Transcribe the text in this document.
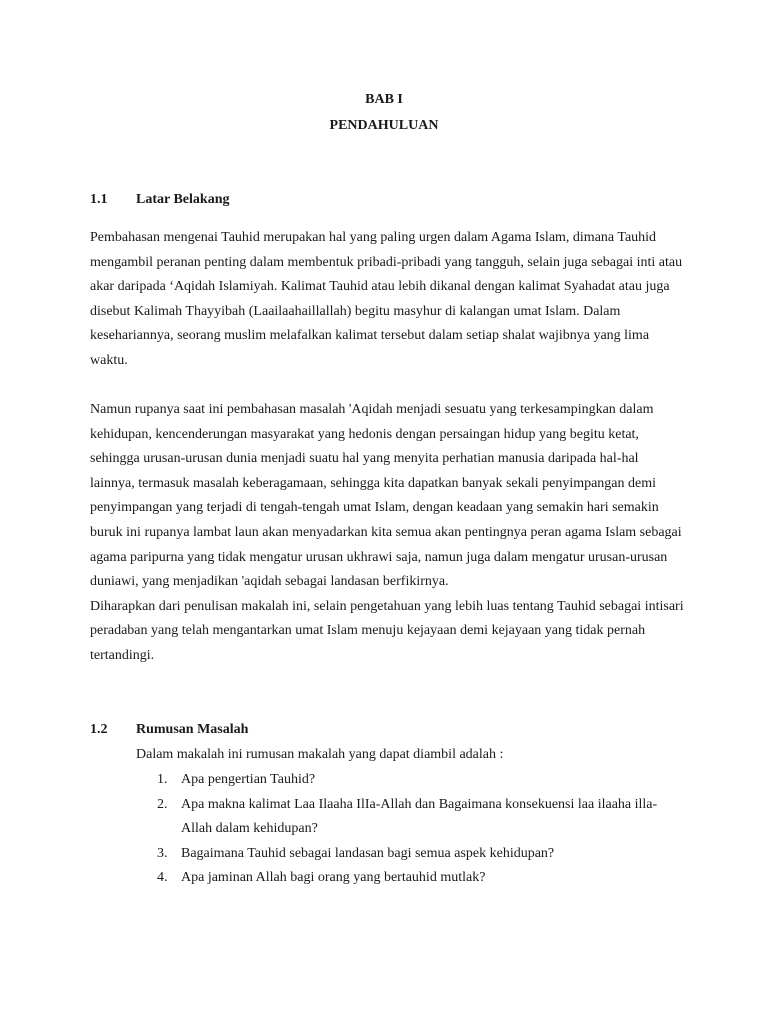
BAB I
PENDAHULUAN
1.1 Latar Belakang

Pembahasan mengenai Tauhid merupakan hal yang paling urgen dalam Agama Islam, dimana Tauhid
mengambil peranan penting dalam membentuk pribadi-pribadi yang tangguh, selain juga sebagai inti atau
akar daripada ‘Aqidah Islamiyah. Kalimat Tauhid atau lebih dikanal dengan kalimat Syahadat atau juga
disebut Kalimah Thayyibah (Laailaahaillallah) begitu masyhur di kalangan umat Islam. Dalam
kesehariannya, seorang muslim melafalkan kalimat tersebut dalam setiap shalat wajibnya yang lima
waktu.

Namun rupanya saat ini pembahasan masalah 'Aqidah menjadi sesuatu yang terkesampingkan dalam
kehidupan, kencenderungan masyarakat yang hedonis dengan persaingan hidup yang begitu ketat,
sehingga urusan-urusan dunia menjadi suatu hal yang menyita perhatian manusia daripada hal-hal
lainnya, termasuk masalah keberagamaan, sehingga kita dapatkan banyak sekali penyimpangan demi
penyimpangan yang terjadi di tengah-tengah umat Islam, dengan keadaan yang semakin hari semakin
buruk ini rupanya lambat laun akan menyadarkan kita semua akan pentingnya peran agama Islam sebagai
agama paripurna yang tidak mengatur urusan ukhrawi saja, namun juga dalam mengatur urusan-urusan
duniawi, yang menjadikan 'aqidah sebagai landasan berfikirnya.
Diharapkan dari penulisan makalah ini, selain pengetahuan yang lebih luas tentang Tauhid sebagai intisari
peradaban yang telah mengantarkan umat Islam menuju kejayaan demi kejayaan yang tidak pernah
tertandingi.

1.2 Rumusan Masalah

Dalam makalah ini rumusan makalah yang dapat diambil adalah :

1. Apa pengertian Tauhid?
2. Apa makna kalimat Laa Ilaaha IlIa-Allah dan Bagaimana konsekuensi laa ilaaha illa-
Allah dalam kehidupan?
3. Bagaimana Tauhid sebagai landasan bagi semua aspek kehidupan?
4. Apa jaminan Allah bagi orang yang bertauhid mutlak?
